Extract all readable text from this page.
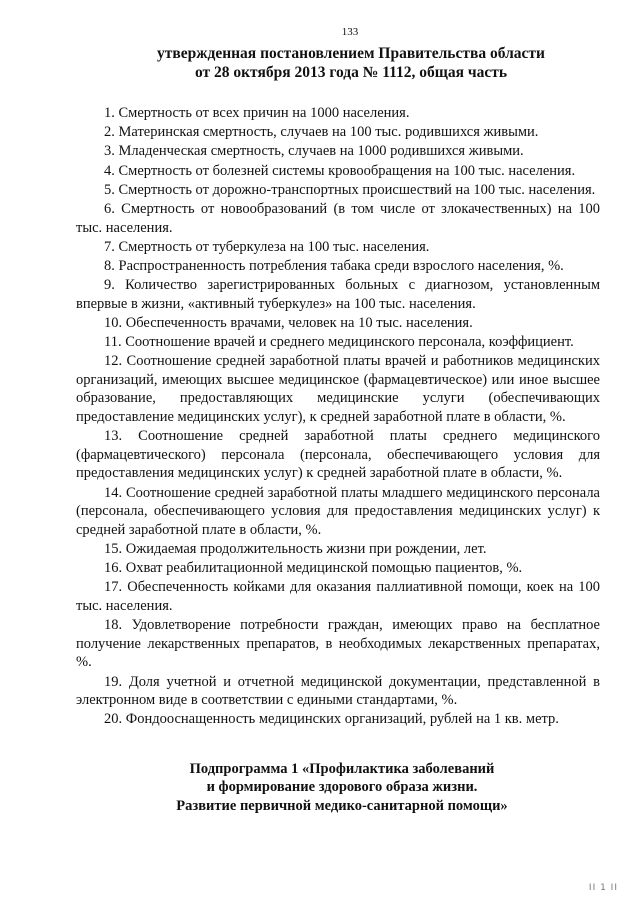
133
утвержденная постановлением Правительства области
от 28 октября 2013 года № 1112, общая часть
1. Смертность от всех причин на 1000 населения.
2. Материнская смертность, случаев на 100 тыс. родившихся живыми.
3. Младенческая смертность, случаев на 1000 родившихся живыми.
4. Смертность от болезней системы кровообращения на 100 тыс. населения.
5. Смертность от дорожно-транспортных происшествий на 100 тыс. населения.
6. Смертность от новообразований (в том числе от злокачественных) на 100 тыс. населения.
7. Смертность от туберкулеза на 100 тыс. населения.
8. Распространенность потребления табака среди взрослого населения, %.
9. Количество зарегистрированных больных с диагнозом, установленным впервые в жизни, «активный туберкулез» на 100 тыс. населения.
10. Обеспеченность врачами, человек на 10 тыс. населения.
11. Соотношение врачей и среднего медицинского персонала, коэффициент.
12. Соотношение средней заработной платы врачей и работников медицинских организаций, имеющих высшее медицинское (фармацевтическое) или иное высшее образование, предоставляющих медицинские услуги (обеспечивающих предоставление медицинских услуг), к средней заработной плате в области, %.
13. Соотношение средней заработной платы среднего медицинского (фармацевтического) персонала (персонала, обеспечивающего условия для предоставления медицинских услуг) к средней заработной плате в области, %.
14. Соотношение средней заработной платы младшего медицинского персонала (персонала, обеспечивающего условия для предоставления медицинских услуг) к средней заработной плате в области, %.
15. Ожидаемая продолжительность жизни при рождении, лет.
16. Охват реабилитационной медицинской помощью пациентов, %.
17. Обеспеченность койками для оказания паллиативной помощи, коек на 100 тыс. населения.
18. Удовлетворение потребности граждан, имеющих право на бесплатное получение лекарственных препаратов, в необходимых лекарственных препаратах, %.
19. Доля учетной и отчетной медицинской документации, представленной в электронном виде в соответствии с едиными стандартами, %.
20. Фондооснащенность медицинских организаций, рублей на 1 кв. метр.
Подпрограмма 1 «Профилактика заболеваний
и формирование здорового образа жизни.
Развитие первичной медико-санитарной помощи»
II 1 II
